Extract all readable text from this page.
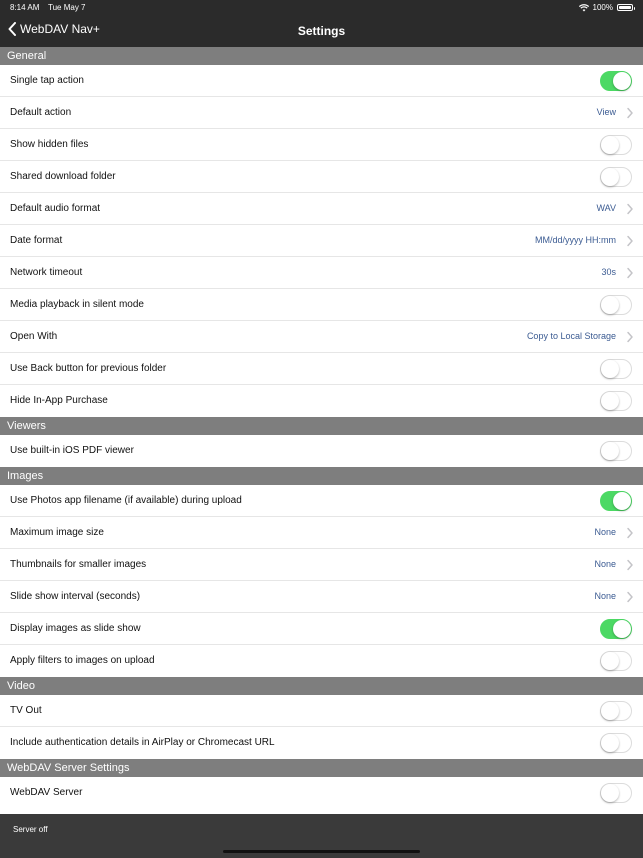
8:14 AM Tue May 7	100%
WebDAV Nav+	Settings
General
Single tap action
Default action	View
Show hidden files
Shared download folder
Default audio format	WAV
Date format	MM/dd/yyyy HH:mm
Network timeout	30s
Media playback in silent mode
Open With	Copy to Local Storage
Use Back button for previous folder
Hide In-App Purchase
Viewers
Use built-in iOS PDF viewer
Images
Use Photos app filename (if available) during upload
Maximum image size	None
Thumbnails for smaller images	None
Slide show interval (seconds)	None
Display images as slide show
Apply filters to images on upload
Video
TV Out
Include authentication details in AirPlay or Chromecast URL
WebDAV Server Settings
WebDAV Server
Server off
